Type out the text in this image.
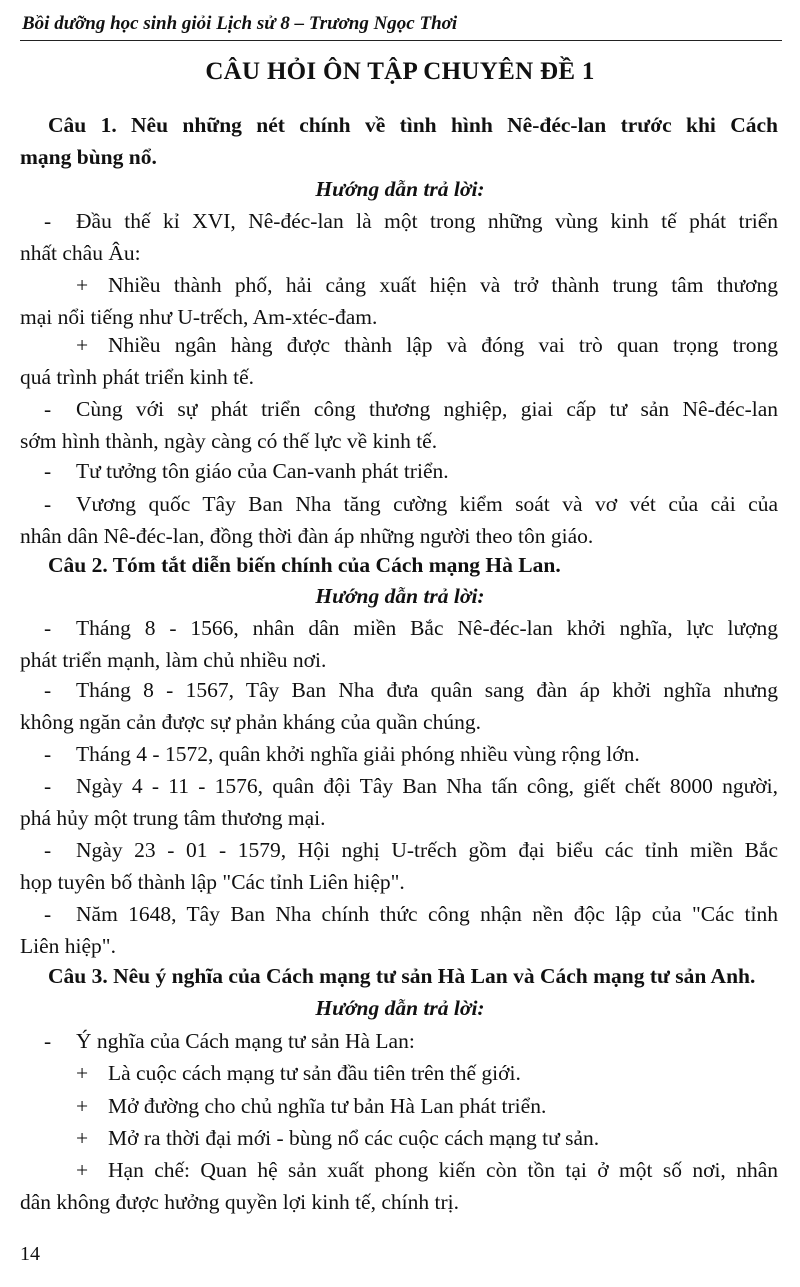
Bồi dưỡng học sinh giỏi Lịch sử 8 – Trương Ngọc Thơi
CÂU HỎI ÔN TẬP CHUYÊN ĐỀ 1
Câu 1. Nêu những nét chính về tình hình Nê-đéc-lan trước khi Cách
mạng bùng nổ.
Hướng dẫn trả lời:
- Đầu thế kỉ XVI, Nê-đéc-lan là một trong những vùng kinh tế phát triển
nhất châu Âu:
+ Nhiều thành phố, hải cảng xuất hiện và trở thành trung tâm thương
mại nổi tiếng như U-trếch, Am-xtéc-đam.
+ Nhiều ngân hàng được thành lập và đóng vai trò quan trọng trong
quá trình phát triển kinh tế.
- Cùng với sự phát triển công thương nghiệp, giai cấp tư sản Nê-đéc-lan
sớm hình thành, ngày càng có thế lực về kinh tế.
- Tư tưởng tôn giáo của Can-vanh phát triển.
- Vương quốc Tây Ban Nha tăng cường kiểm soát và vơ vét của cải của
nhân dân Nê-đéc-lan, đồng thời đàn áp những người theo tôn giáo.
Câu 2. Tóm tắt diễn biến chính của Cách mạng Hà Lan.
Hướng dẫn trả lời:
- Tháng 8 - 1566, nhân dân miền Bắc Nê-đéc-lan khởi nghĩa, lực lượng
phát triển mạnh, làm chủ nhiều nơi.
- Tháng 8 - 1567, Tây Ban Nha đưa quân sang đàn áp khởi nghĩa nhưng
không ngăn cản được sự phản kháng của quần chúng.
- Tháng 4 - 1572, quân khởi nghĩa giải phóng nhiều vùng rộng lớn.
- Ngày 4 - 11 - 1576, quân đội Tây Ban Nha tấn công, giết chết 8000 người,
phá hủy một trung tâm thương mại.
- Ngày 23 - 01 - 1579, Hội nghị U-trếch gồm đại biểu các tỉnh miền Bắc
họp tuyên bố thành lập "Các tỉnh Liên hiệp".
- Năm 1648, Tây Ban Nha chính thức công nhận nền độc lập của "Các tỉnh
Liên hiệp".
Câu 3. Nêu ý nghĩa của Cách mạng tư sản Hà Lan và Cách mạng tư sản Anh.
Hướng dẫn trả lời:
- Ý nghĩa của Cách mạng tư sản Hà Lan:
+ Là cuộc cách mạng tư sản đầu tiên trên thế giới.
+ Mở đường cho chủ nghĩa tư bản Hà Lan phát triển.
+ Mở ra thời đại mới - bùng nổ các cuộc cách mạng tư sản.
+ Hạn chế: Quan hệ sản xuất phong kiến còn tồn tại ở một số nơi, nhân
dân không được hưởng quyền lợi kinh tế, chính trị.
14
